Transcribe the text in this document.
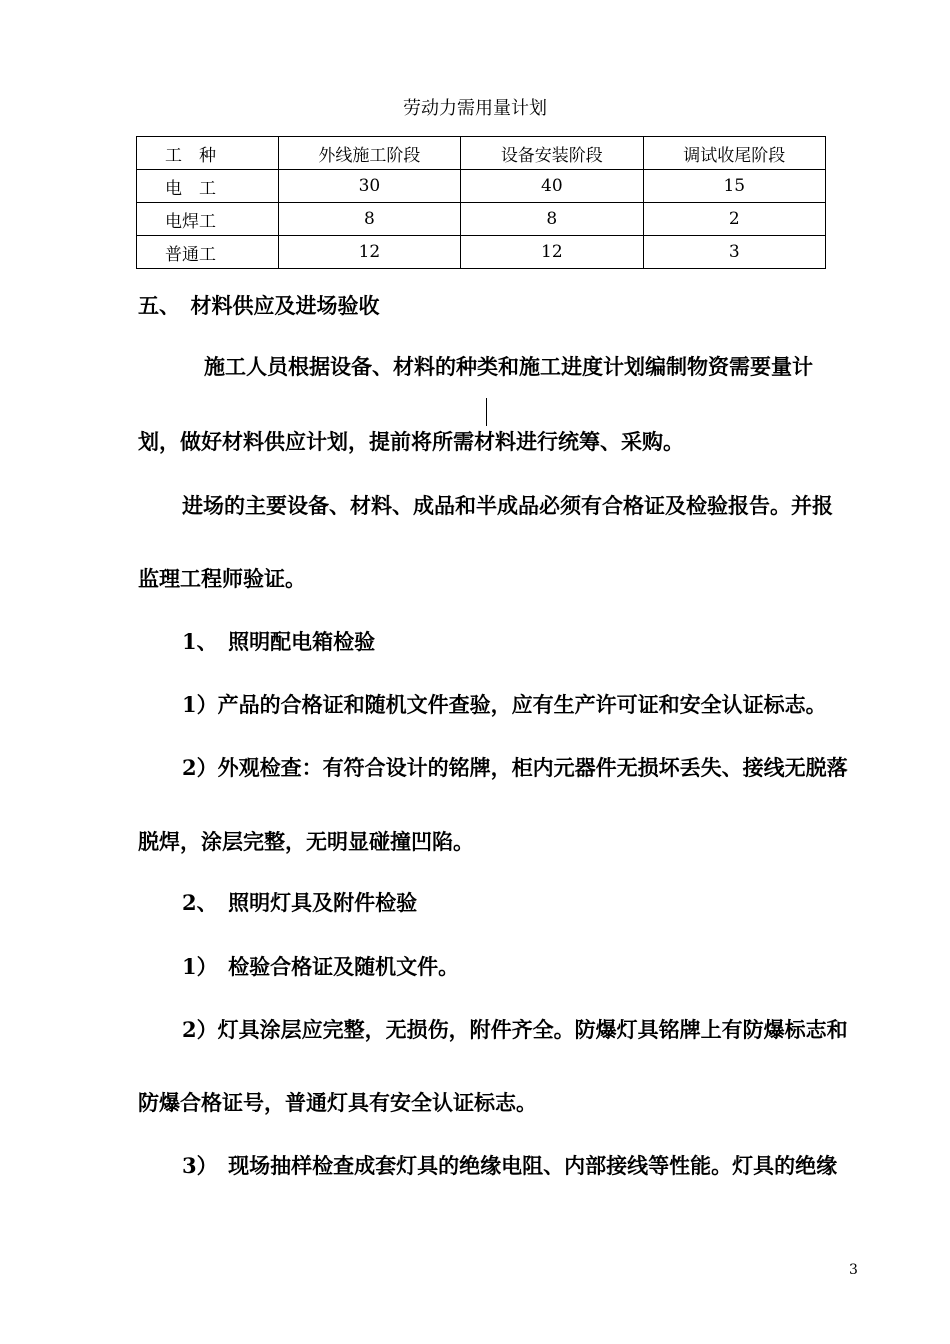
劳动力需用量计划
工　种	外线施工阶段	设备安装阶段	调试收尾阶段
电　工	30	40	15
电焊工	8	8	2
普通工	12	12	3
五、　材料供应及进场验收
施工人员根据设备、材料的种类和施工进度计划编制物资需要量计
划，做好材料供应计划，提前将所需材料进行统筹、采购。
进场的主要设备、材料、成品和半成品必须有合格证及检验报告。并报
监理工程师验证。
1、　照明配电箱检验
1）产品的合格证和随机文件查验，应有生产许可证和安全认证标志。
2）外观检查：有符合设计的铭牌，柜内元器件无损坏丢失、接线无脱落
脱焊，涂层完整，无明显碰撞凹陷。
2、　照明灯具及附件检验
1）　检验合格证及随机文件。
2）灯具涂层应完整，无损伤，附件齐全。防爆灯具铭牌上有防爆标志和
防爆合格证号，普通灯具有安全认证标志。
3）　现场抽样检查成套灯具的绝缘电阻、内部接线等性能。灯具的绝缘
3
